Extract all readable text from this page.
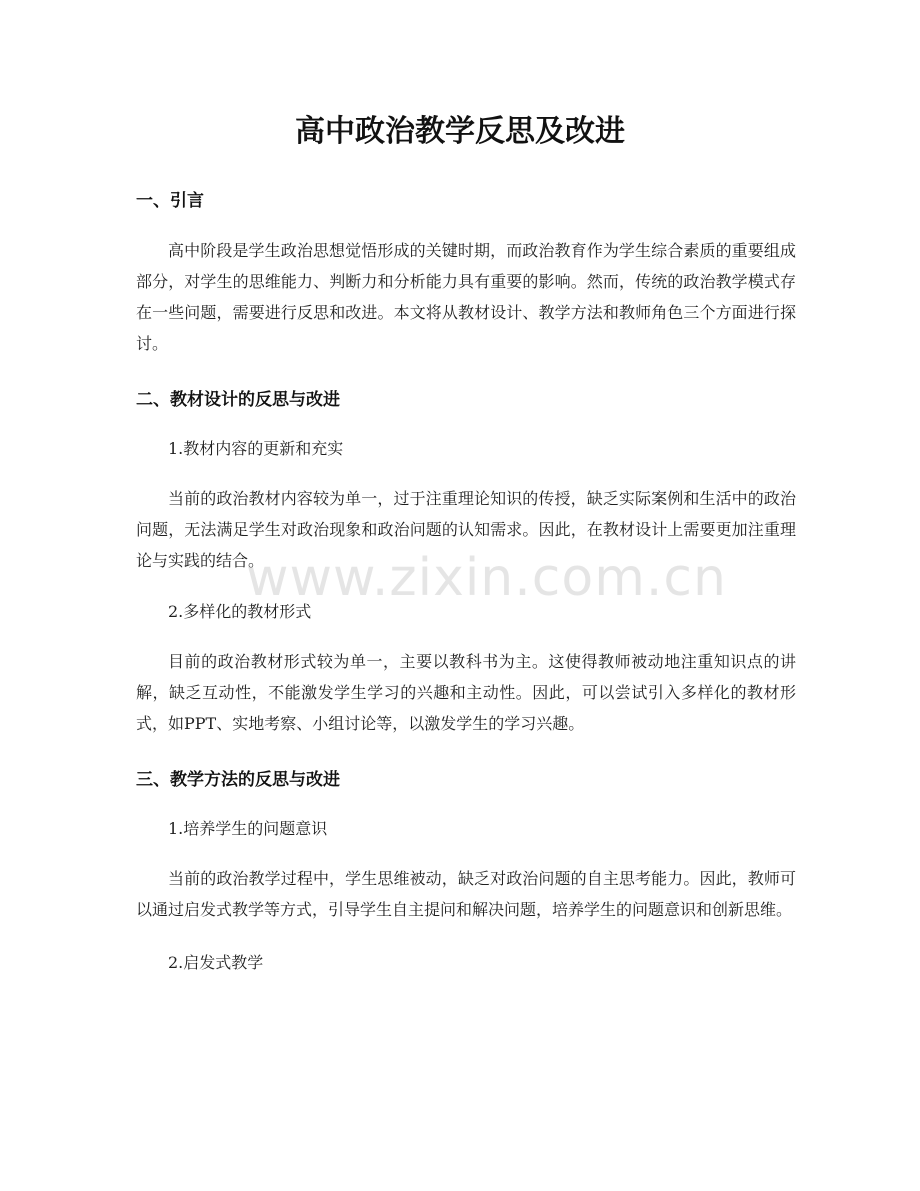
高中政治教学反思及改进
一、引言

高中阶段是学生政治思想觉悟形成的关键时期，而政治教育作为学生综合素质的重要组成部分，对学生的思维能力、判断力和分析能力具有重要的影响。然而，传统的政治教学模式存在一些问题，需要进行反思和改进。本文将从教材设计、教学方法和教师角色三个方面进行探讨。

二、教材设计的反思与改进
1.教材内容的更新和充实

当前的政治教材内容较为单一，过于注重理论知识的传授，缺乏实际案例和生活中的政治问题，无法满足学生对政治现象和政治问题的认知需求。因此，在教材设计上需要更加注重理论与实践的结合。

2.多样化的教材形式

目前的政治教材形式较为单一，主要以教科书为主。这使得教师被动地注重知识点的讲解，缺乏互动性，不能激发学生学习的兴趣和主动性。因此，可以尝试引入多样化的教材形式，如PPT、实地考察、小组讨论等，以激发学生的学习兴趣。

三、教学方法的反思与改进
1.培养学生的问题意识

当前的政治教学过程中，学生思维被动，缺乏对政治问题的自主思考能力。因此，教师可以通过启发式教学等方式，引导学生自主提问和解决问题，培养学生的问题意识和创新思维。

2.启发式教学
www.zixin.com.cn
